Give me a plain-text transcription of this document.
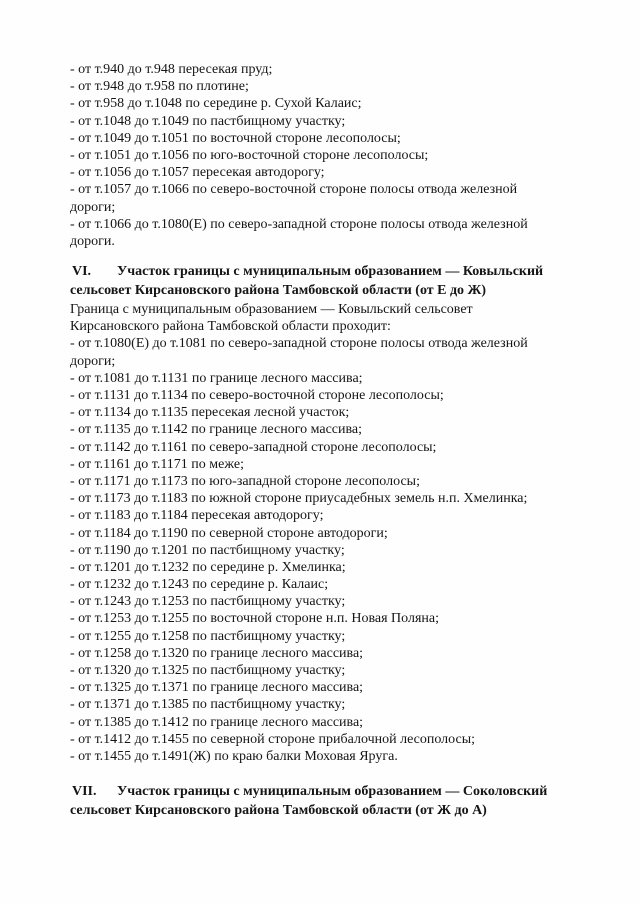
- от т.940 до т.948 пересекая пруд;
- от т.948 до т.958 по плотине;
- от т.958 до т.1048 по середине р. Сухой Калаис;
- от т.1048 до т.1049 по пастбищному участку;
- от т.1049 до т.1051 по восточной стороне лесополосы;
- от т.1051 до т.1056 по юго-восточной стороне лесополосы;
- от т.1056 до т.1057 пересекая автодорогу;
- от т.1057 до т.1066 по северо-восточной стороне полосы отвода железной
дороги;
- от т.1066 до т.1080(Е) по северо-западной стороне полосы отвода железной
дороги.
VI. Участок границы с муниципальным образованием — Ковыльский
сельсовет Кирсановского района Тамбовской области (от Е до Ж)
Граница с муниципальным образованием — Ковыльский сельсовет
Кирсановского района Тамбовской области проходит:
- от т.1080(Е) до т.1081 по северо-западной стороне полосы отвода железной
дороги;
- от т.1081 до т.1131 по границе лесного массива;
- от т.1131 до т.1134 по северо-восточной стороне лесополосы;
- от т.1134 до т.1135 пересекая лесной участок;
- от т.1135 до т.1142 по границе лесного массива;
- от т.1142 до т.1161 по северо-западной стороне лесополосы;
- от т.1161 до т.1171 по меже;
- от т.1171 до т.1173 по юго-западной стороне лесополосы;
- от т.1173 до т.1183 по южной стороне приусадебных земель н.п. Хмелинка;
- от т.1183 до т.1184 пересекая автодорогу;
- от т.1184 до т.1190 по северной стороне автодороги;
- от т.1190 до т.1201 по пастбищному участку;
- от т.1201 до т.1232 по середине р. Хмелинка;
- от т.1232 до т.1243 по середине р. Калаис;
- от т.1243 до т.1253 по пастбищному участку;
- от т.1253 до т.1255 по восточной стороне н.п. Новая Поляна;
- от т.1255 до т.1258 по пастбищному участку;
- от т.1258 до т.1320 по границе лесного массива;
- от т.1320 до т.1325 по пастбищному участку;
- от т.1325 до т.1371 по границе лесного массива;
- от т.1371 до т.1385 по пастбищному участку;
- от т.1385 до т.1412 по границе лесного массива;
- от т.1412 до т.1455 по северной стороне прибалочной лесополосы;
- от т.1455 до т.1491(Ж) по краю балки Моховая Яруга.
VII. Участок границы с муниципальным образованием — Соколовский
сельсовет Кирсановского района Тамбовской области (от Ж до А)
